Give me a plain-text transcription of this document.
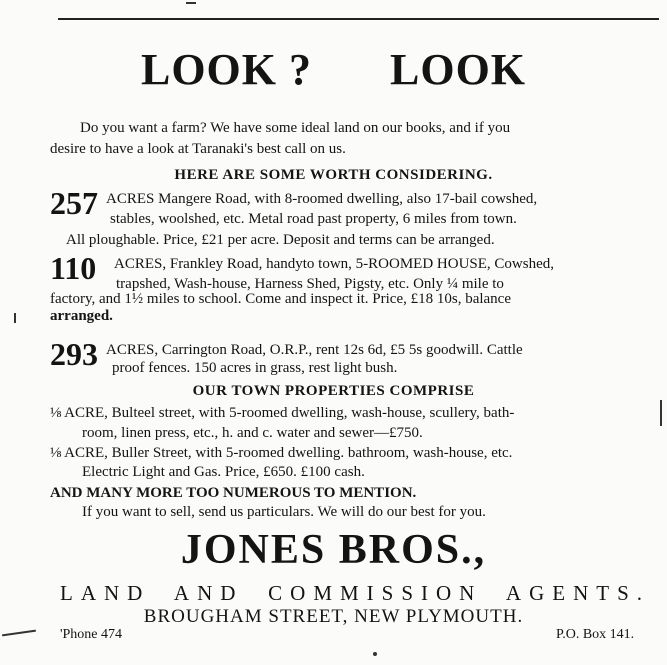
LOOK ? LOOK
Do you want a farm? We have some ideal land on our books, and if you
desire to have a look at Taranaki's best call on us.
HERE ARE SOME WORTH CONSIDERING.
257 ACRES Mangere Road, with 8-roomed dwelling, also 17-bail cowshed,
stables, woolshed, etc. Metal road past property, 6 miles from town.
All ploughable. Price, £21 per acre. Deposit and terms can be arranged.
110 ACRES, Frankley Road, handyto town, 5-ROOMED HOUSE, Cowshed,
trapshed, Wash-house, Harness Shed, Pigsty, etc. Only ¼ mile to
factory, and 1½ miles to school. Come and inspect it. Price, £18 10s, balance
arranged.
293 ACRES, Carrington Road, O.R.P., rent 12s 6d, £5 5s goodwill. Cattle
proof fences. 150 acres in grass, rest light bush.
OUR TOWN PROPERTIES COMPRISE
⅛ ACRE, Bulteel street, with 5-roomed dwelling, wash-house, scullery, bath-
room, linen press, etc., h. and c. water and sewer—£750.
⅛ ACRE, Buller Street, with 5-roomed dwelling. bathroom, wash-house, etc.
Electric Light and Gas. Price, £650. £100 cash.
AND MANY MORE TOO NUMEROUS TO MENTION.
If you want to sell, send us particulars. We will do our best for you.
JONES BROS.,
LAND AND COMMISSION AGENTS.
BROUGHAM STREET, NEW PLYMOUTH.
'Phone 474	P.O. Box 141.
